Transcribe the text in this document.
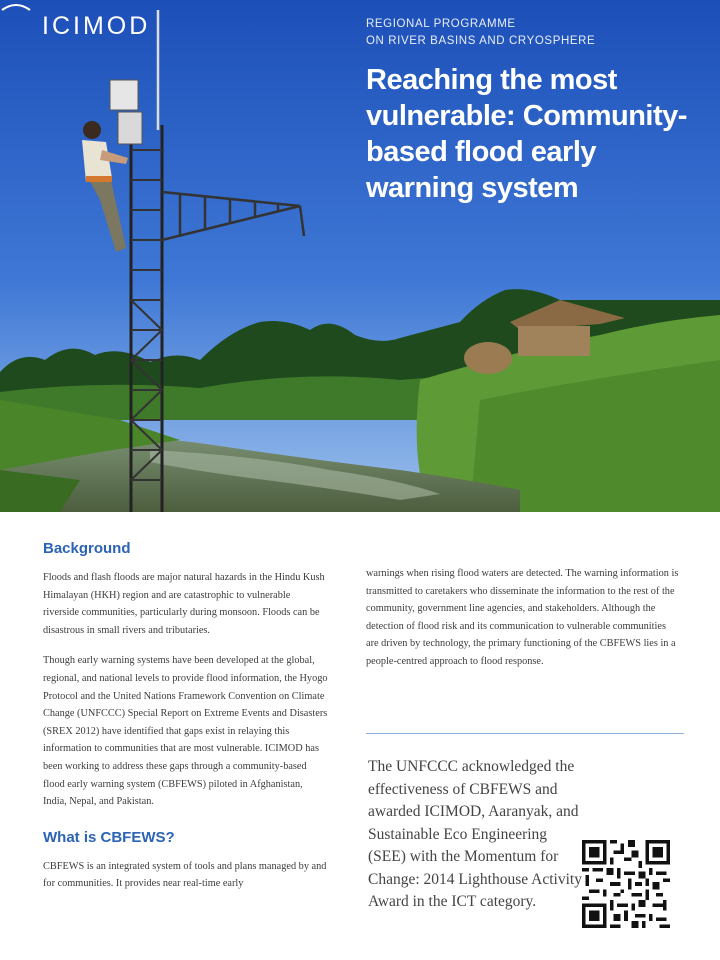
ICIMOD	REGIONAL PROGRAMME
ON RIVER BASINS AND CRYOSPHERE
Reaching the most vulnerable: Community-based flood early warning system
Background

Floods and flash floods are major natural hazards in the Hindu Kush Himalayan (HKH) region and are catastrophic to vulnerable riverside communities, particularly during monsoon. Floods can be disastrous in small rivers and tributaries.

Though early warning systems have been developed at the global, regional, and national levels to provide flood information, the Hyogo Protocol and the United Nations Framework Convention on Climate Change (UNFCCC) Special Report on Extreme Events and Disasters (SREX 2012) have identified that gaps exist in relaying this information to communities that are most vulnerable. ICIMOD has been working to address these gaps through a community-based flood early warning system (CBFEWS) piloted in Afghanistan, India, Nepal, and Pakistan.

What is CBFEWS?

CBFEWS is an integrated system of tools and plans managed by and for communities. It provides near real-time early

warnings when rising flood waters are detected. The warning information is transmitted to caretakers who disseminate the information to the rest of the community, government line agencies, and stakeholders. Although the detection of flood risk and its communication to vulnerable communities are driven by technology, the primary functioning of the CBFEWS lies in a people-centred approach to flood response.

The UNFCCC acknowledged the effectiveness of CBFEWS and awarded ICIMOD, Aaranyak, and Sustainable Eco Engineering (SEE) with the Momentum for Change: 2014 Lighthouse Activity Award in the ICT category.
